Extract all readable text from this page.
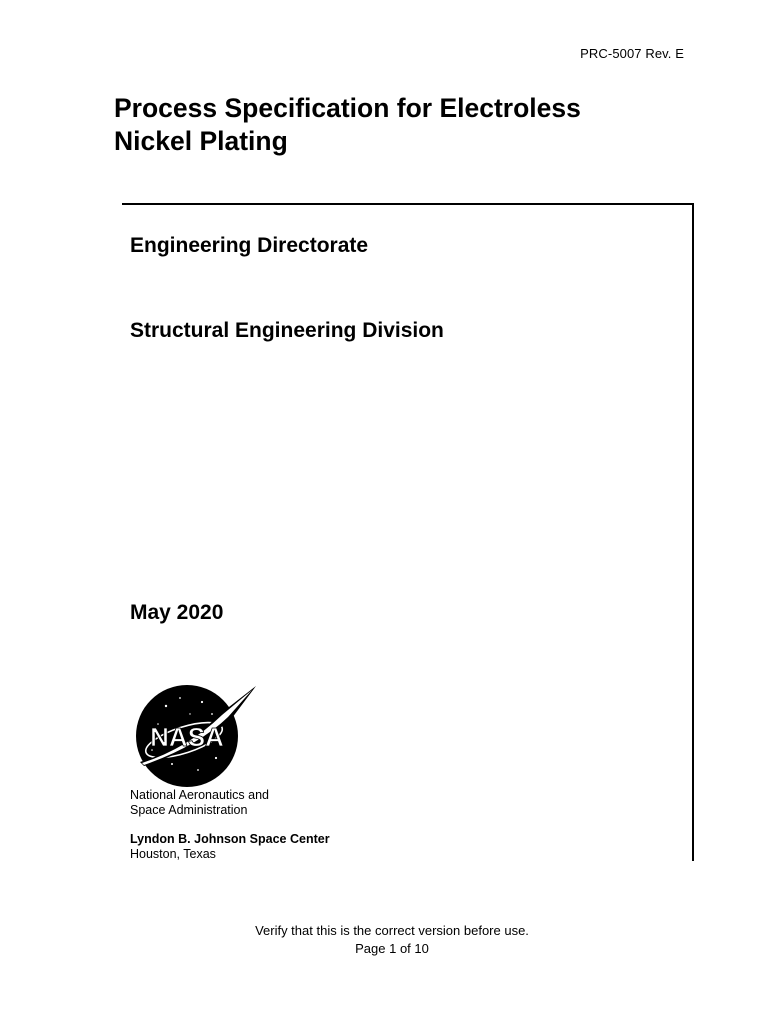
PRC-5007 Rev. E
Process Specification for Electroless
Nickel Plating
Engineering Directorate
Structural Engineering Division
May 2020
NASA
National Aeronautics and
Space Administration
Lyndon B. Johnson Space Center
Houston, Texas
Verify that this is the correct version before use.
Page 1 of 10
